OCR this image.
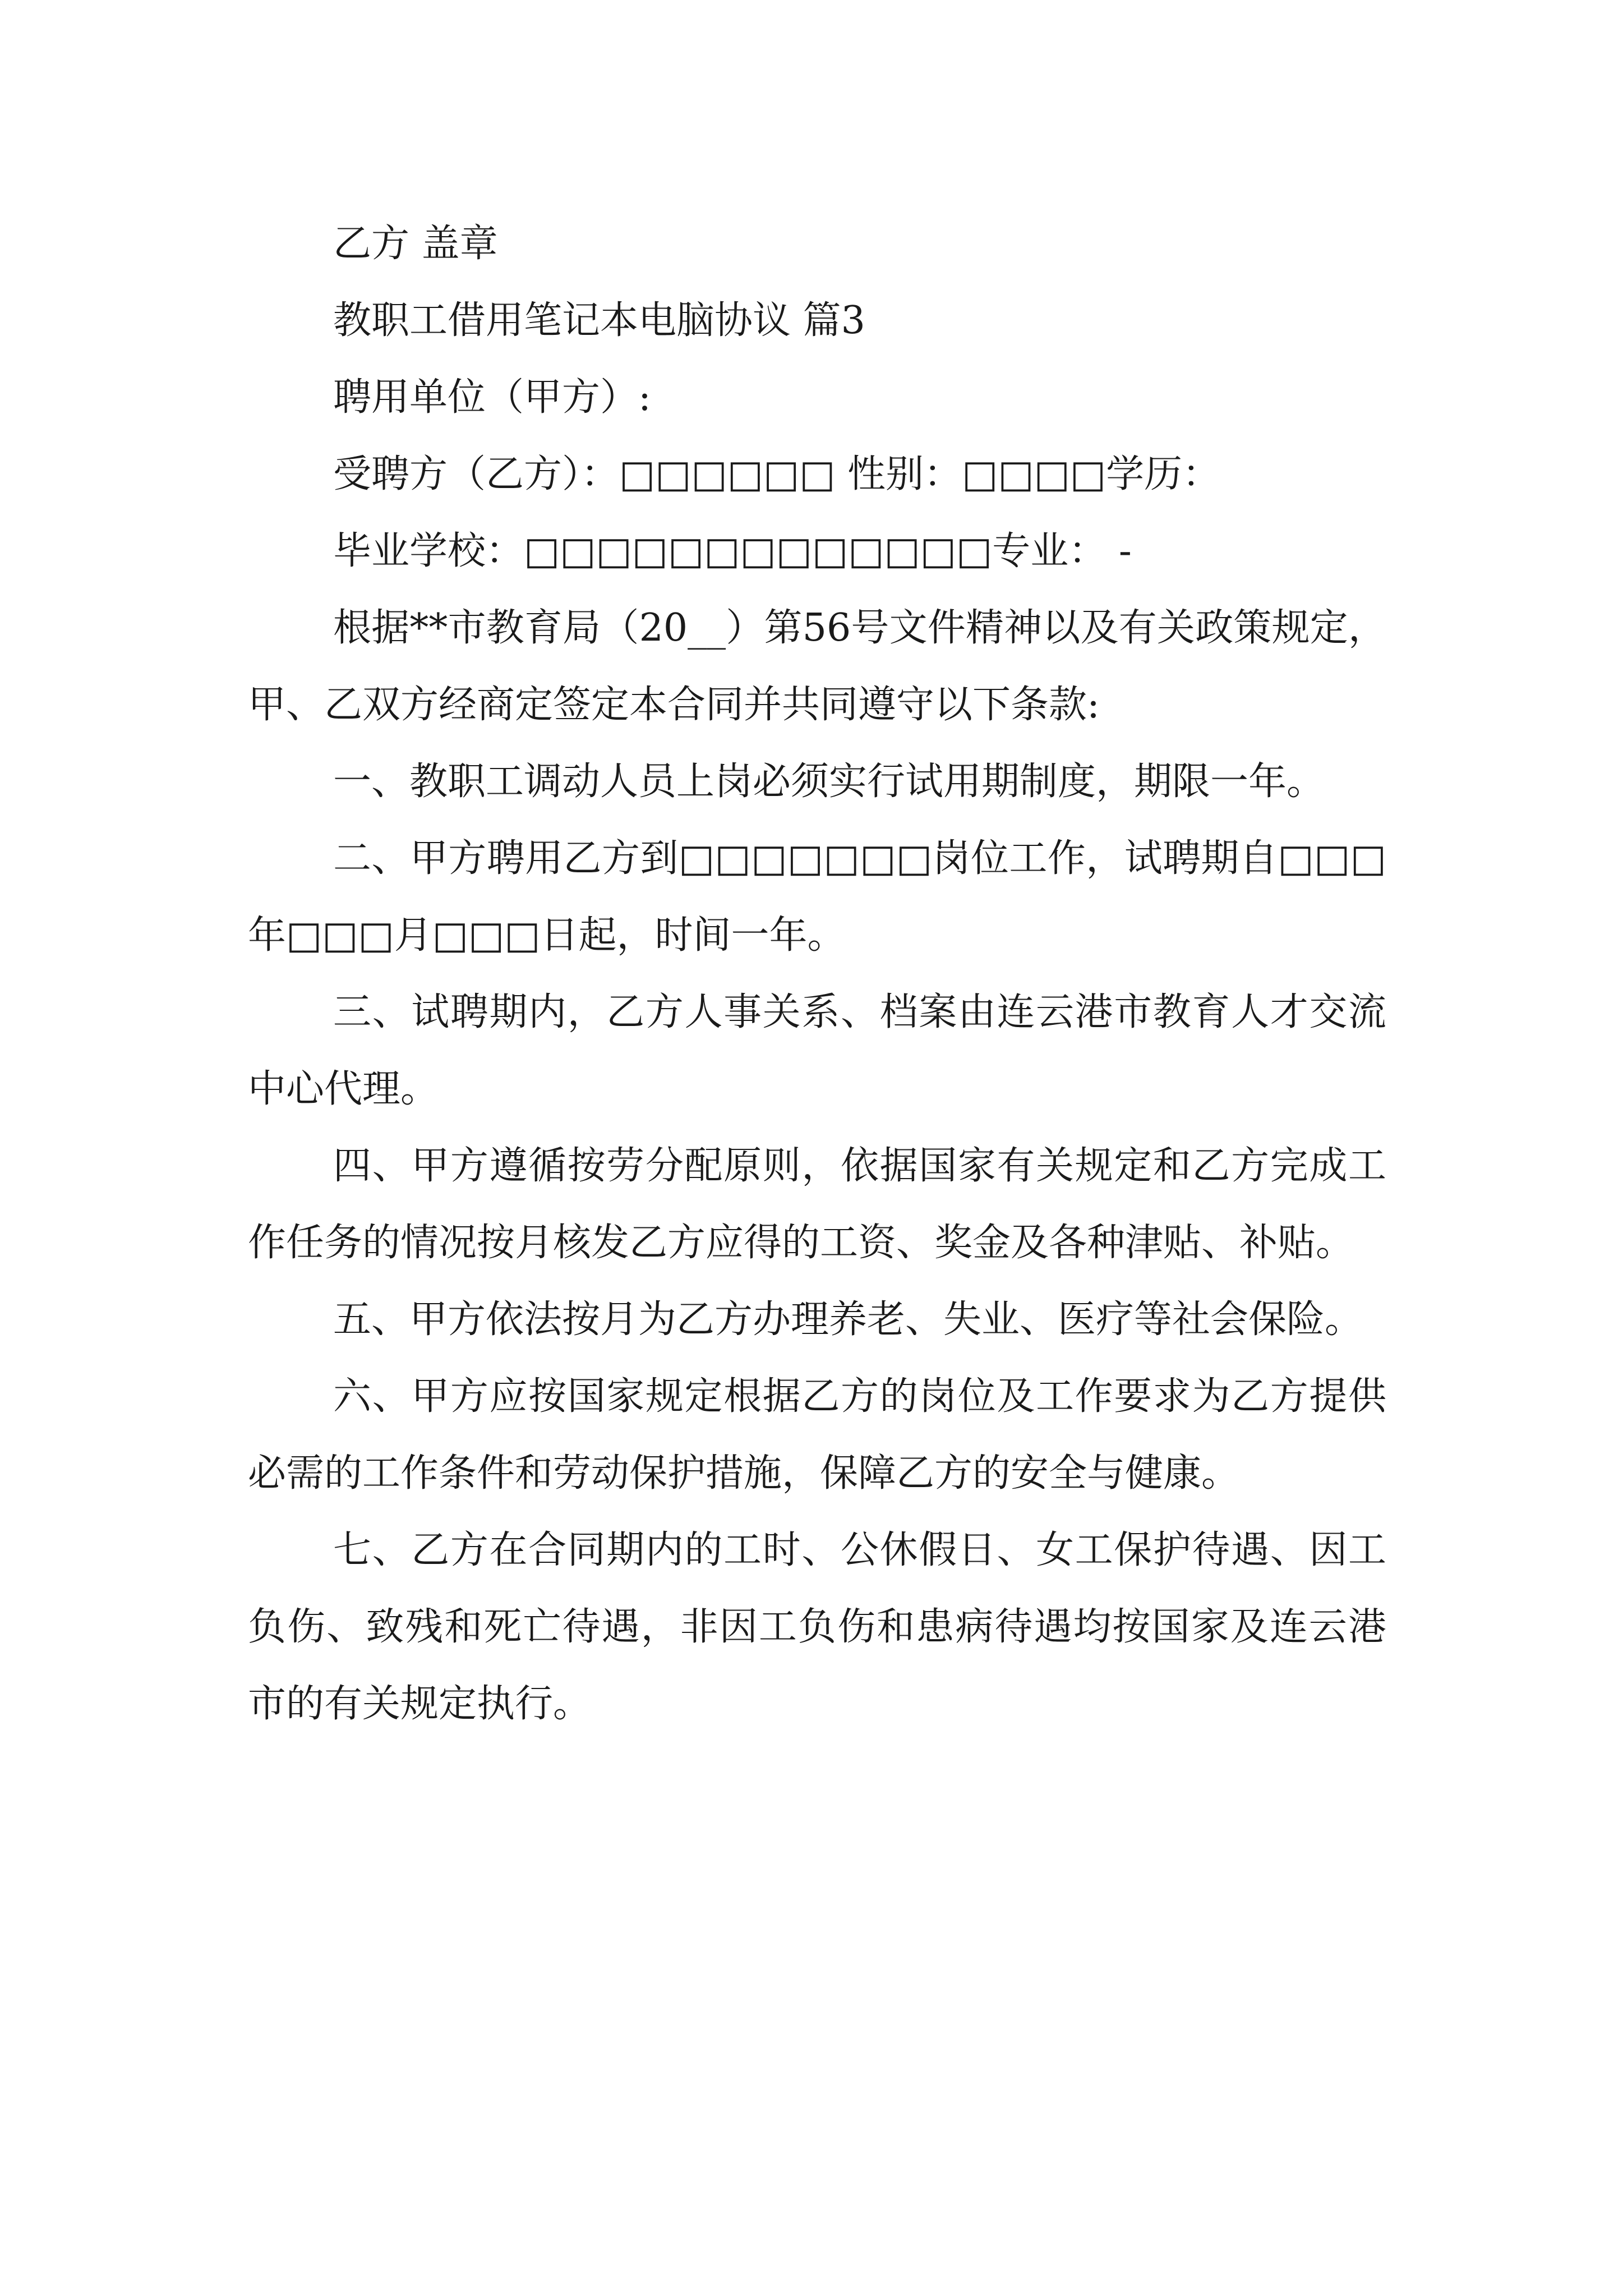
乙方 盖章
教职工借用笔记本电脑协议 篇3
聘用单位（甲方）:
受聘方（乙方）：□□□□□□ 性别：□□□□学历：
毕业学校：□□□□□□□□□□□□□专业： -
根据**市教育局（20__）第56号文件精神以及有关政策规定，甲、乙双方经商定签定本合同并共同遵守以下条款:
一、教职工调动人员上岗必须实行试用期制度，期限一年。
二、甲方聘用乙方到□□□□□□□岗位工作，试聘期自□□□年□□□月□□□日起，时间一年。
三、试聘期内，乙方人事关系、档案由连云港市教育人才交流中心代理。
四、甲方遵循按劳分配原则，依据国家有关规定和乙方完成工作任务的情况按月核发乙方应得的工资、奖金及各种津贴、补贴。
五、甲方依法按月为乙方办理养老、失业、医疗等社会保险。
六、甲方应按国家规定根据乙方的岗位及工作要求为乙方提供必需的工作条件和劳动保护措施，保障乙方的安全与健康。
七、乙方在合同期内的工时、公休假日、女工保护待遇、因工负伤、致残和死亡待遇，非因工负伤和患病待遇均按国家及连云港市的有关规定执行。
